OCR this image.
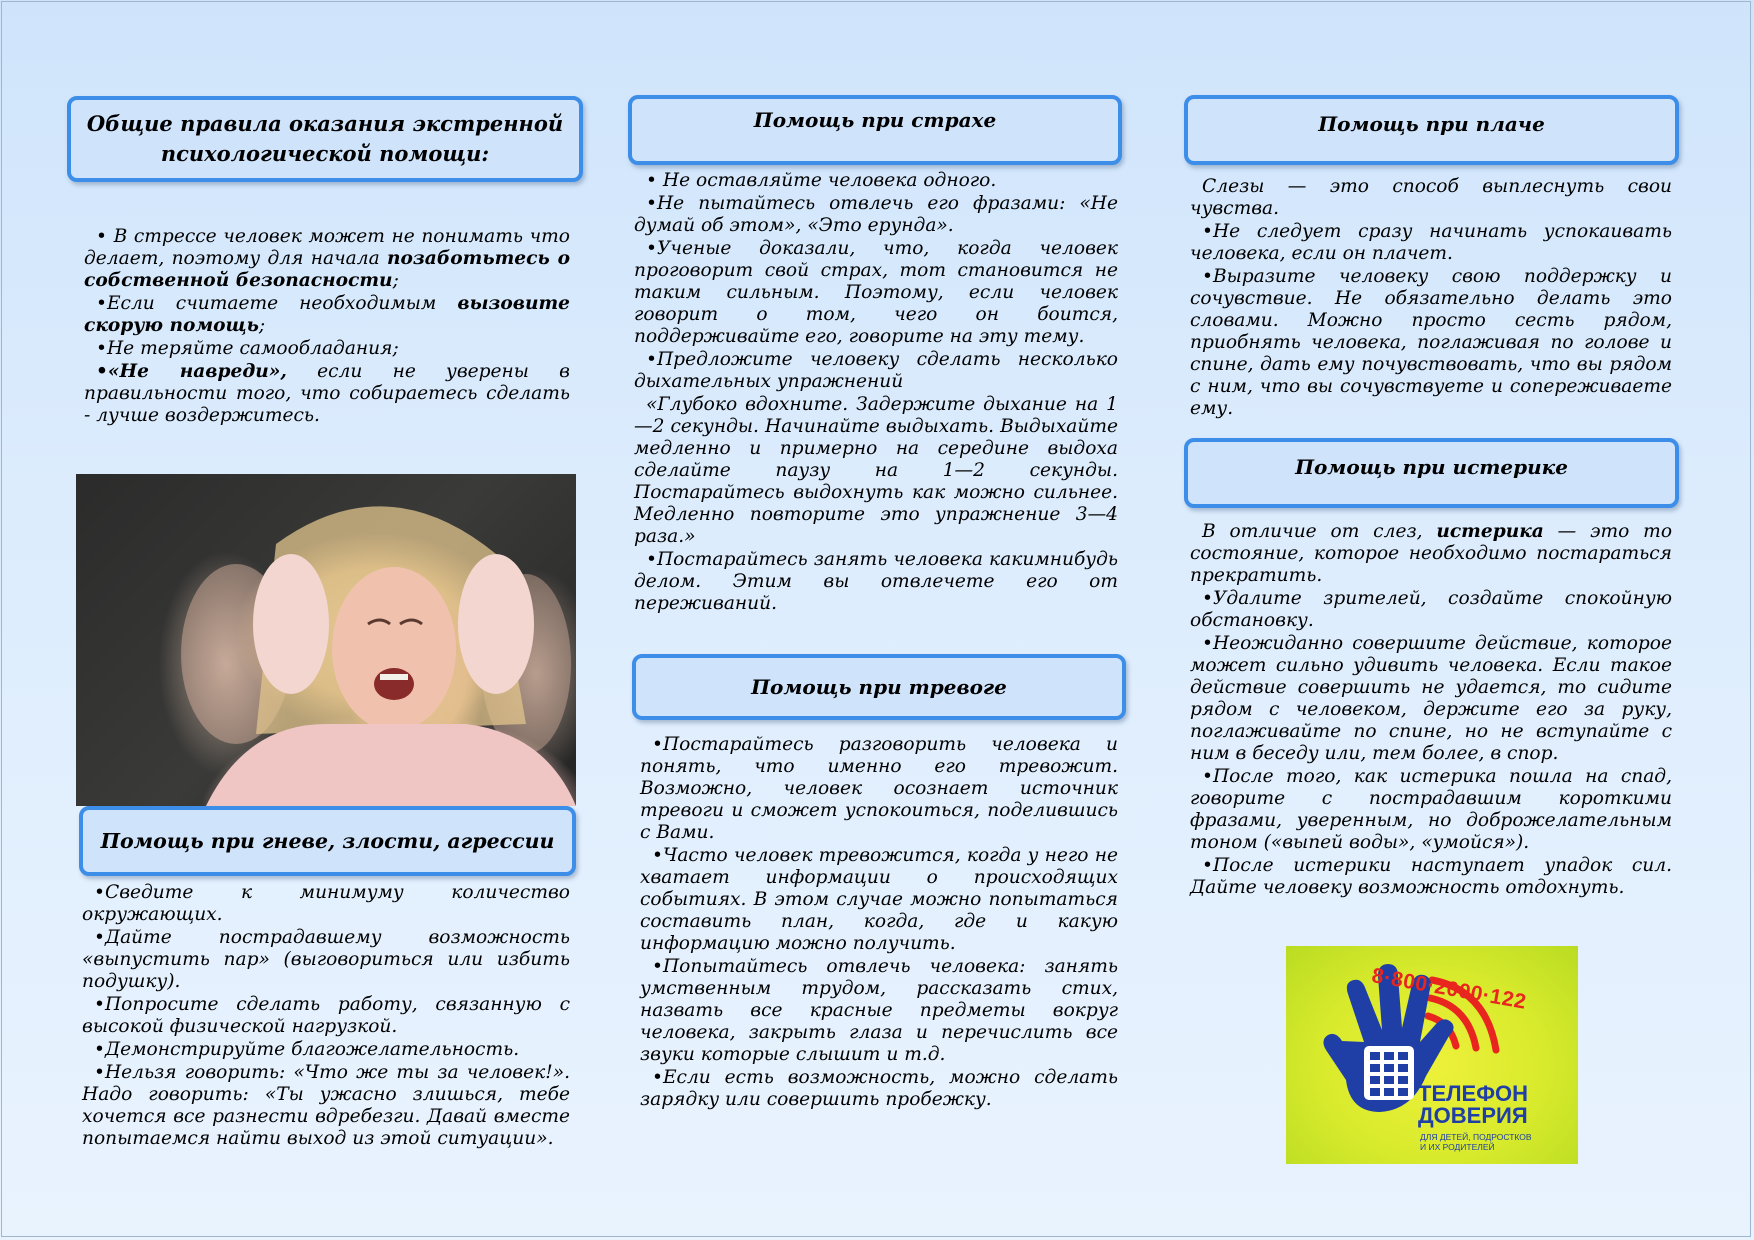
Общие правила оказания экстренной психологической помощи:

• В стрессе человек может не понимать что делает, поэтому для начала позаботьтесь о собственной безопасности;

•Если считаете необходимым вызовите скорую помощь;

•Не теряйте самообладания;

•«Не навреди», если не уверены в правильности того, что собираетесь сделать - лучше воздержитесь.

Помощь при гневе, злости, агрессии

•Сведите к минимуму количество окружающих.

•Дайте пострадавшему возможность «выпустить пар» (выговориться или избить подушку).

•Попросите сделать работу, связанную с высокой физической нагрузкой.

•Демонстрируйте благожелательность.

•Нельзя говорить: «Что же ты за человек!». Надо говорить: «Ты ужасно злишься, тебе хочется все разнести вдребезги. Давай вместе попытаемся найти выход из этой ситуации».

Помощь при страхе

• Не оставляйте человека одного.

•Не пытайтесь отвлечь его фразами: «Не думай об этом», «Это ерунда».

•Ученые доказали, что, когда человек проговорит свой страх, тот становится не таким сильным. Поэтому, если человек говорит о том, чего он боится, поддерживайте его, говорите на эту тему.

•Предложите человеку сделать несколько дыхательных упражнений

«Глубоко вдохните. Задержите дыхание на 1—2 секунды. Начинайте выдыхать. Выдыхайте медленно и примерно на середине выдоха сделайте паузу на 1—2 секунды. Постарайтесь выдохнуть как можно сильнее. Медленно повторите это упражнение 3—4 раза.»

•Постарайтесь занять человека какимнибудь делом. Этим вы отвлечете его от переживаний.

Помощь при тревоге

•Постарайтесь разговорить человека и понять, что именно его тревожит. Возможно, человек осознает источник тревоги и сможет успокоиться, поделившись с Вами.

•Часто человек тревожится, когда у него не хватает информации о происходящих событиях. В этом случае можно попытаться составить план, когда, где и какую информацию можно получить.

•Попытайтесь отвлечь человека: занять умственным трудом, рассказать стих, назвать все красные предметы вокруг человека, закрыть глаза и перечислить все звуки которые слышит и т.д.

•Если есть возможность, можно сделать зарядку или совершить пробежку.

Помощь при плаче

Слезы — это способ выплеснуть свои чувства.

•Не следует сразу начинать успокаивать человека, если он плачет.

•Выразите человеку свою поддержку и сочувствие. Не обязательно делать это словами. Можно просто сесть рядом, приобнять человека, поглаживая по голове и спине, дать ему почувствовать, что вы рядом с ним, что вы сочувствуете и сопереживаете ему.

Помощь при истерике

В отличие от слез, истерика — это то состояние, которое необходимо постараться прекратить.

•Удалите зрителей, создайте спокойную обстановку.

•Неожиданно совершите действие, которое может сильно удивить человека. Если такое действие совершить не удается, то сидите рядом с человеком, держите его за руку, поглаживайте по спине, но не вступайте с ним в беседу или, тем более, в спор.

•После того, как истерика пошла на спад, говорите с пострадавшим короткими фразами, уверенным, но доброжелательным тоном («выпей воды», «умойся»).

•После истерики наступает упадок сил. Дайте человеку возможность отдохнуть.

8·800·2000·122
ТЕЛЕФОН
ДОВЕРИЯ
ДЛЯ ДЕТЕЙ, ПОДРОСТКОВ
И ИХ РОДИТЕЛЕЙ
